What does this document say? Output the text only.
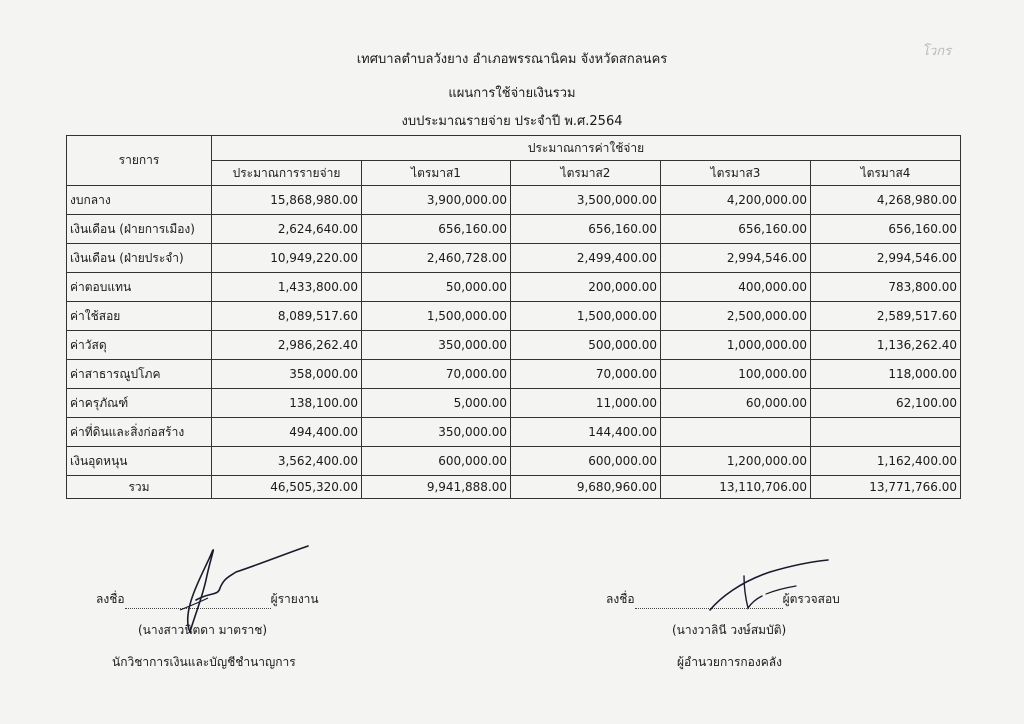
โวกร
เทศบาลตำบลวังยาง อำเภอพรรณานิคม จังหวัดสกลนคร
แผนการใช้จ่ายเงินรวม
งบประมาณรายจ่าย ประจำปี พ.ศ.2564
รายการ	ประมาณการค่าใช้จ่าย				
	ประมาณการรายจ่าย	ไตรมาส1	ไตรมาส2	ไตรมาส3	ไตรมาส4
งบกลาง	15,868,980.00	3,900,000.00	3,500,000.00	4,200,000.00	4,268,980.00
เงินเดือน (ฝ่ายการเมือง)	2,624,640.00	656,160.00	656,160.00	656,160.00	656,160.00
เงินเดือน (ฝ่ายประจำ)	10,949,220.00	2,460,728.00	2,499,400.00	2,994,546.00	2,994,546.00
ค่าตอบแทน	1,433,800.00	50,000.00	200,000.00	400,000.00	783,800.00
ค่าใช้สอย	8,089,517.60	1,500,000.00	1,500,000.00	2,500,000.00	2,589,517.60
ค่าวัสดุ	2,986,262.40	350,000.00	500,000.00	1,000,000.00	1,136,262.40
ค่าสาธารณูปโภค	358,000.00	70,000.00	70,000.00	100,000.00	118,000.00
ค่าครุภัณฑ์	138,100.00	5,000.00	11,000.00	60,000.00	62,100.00
ค่าที่ดินและสิ่งก่อสร้าง	494,400.00	350,000.00	144,400.00		
เงินอุดหนุน	3,562,400.00	600,000.00	600,000.00	1,200,000.00	1,162,400.00
รวม	46,505,320.00	9,941,888.00	9,680,960.00	13,110,706.00	13,771,766.00
ลงชื่อ	ผู้รายงาน
(นางสาวนิตดา มาตราช)
นักวิชาการเงินและบัญชีชำนาญการ
ลงชื่อ	ผู้ตรวจสอบ
(นางวาลินี วงษ์สมบัติ)
ผู้อำนวยการกองคลัง
